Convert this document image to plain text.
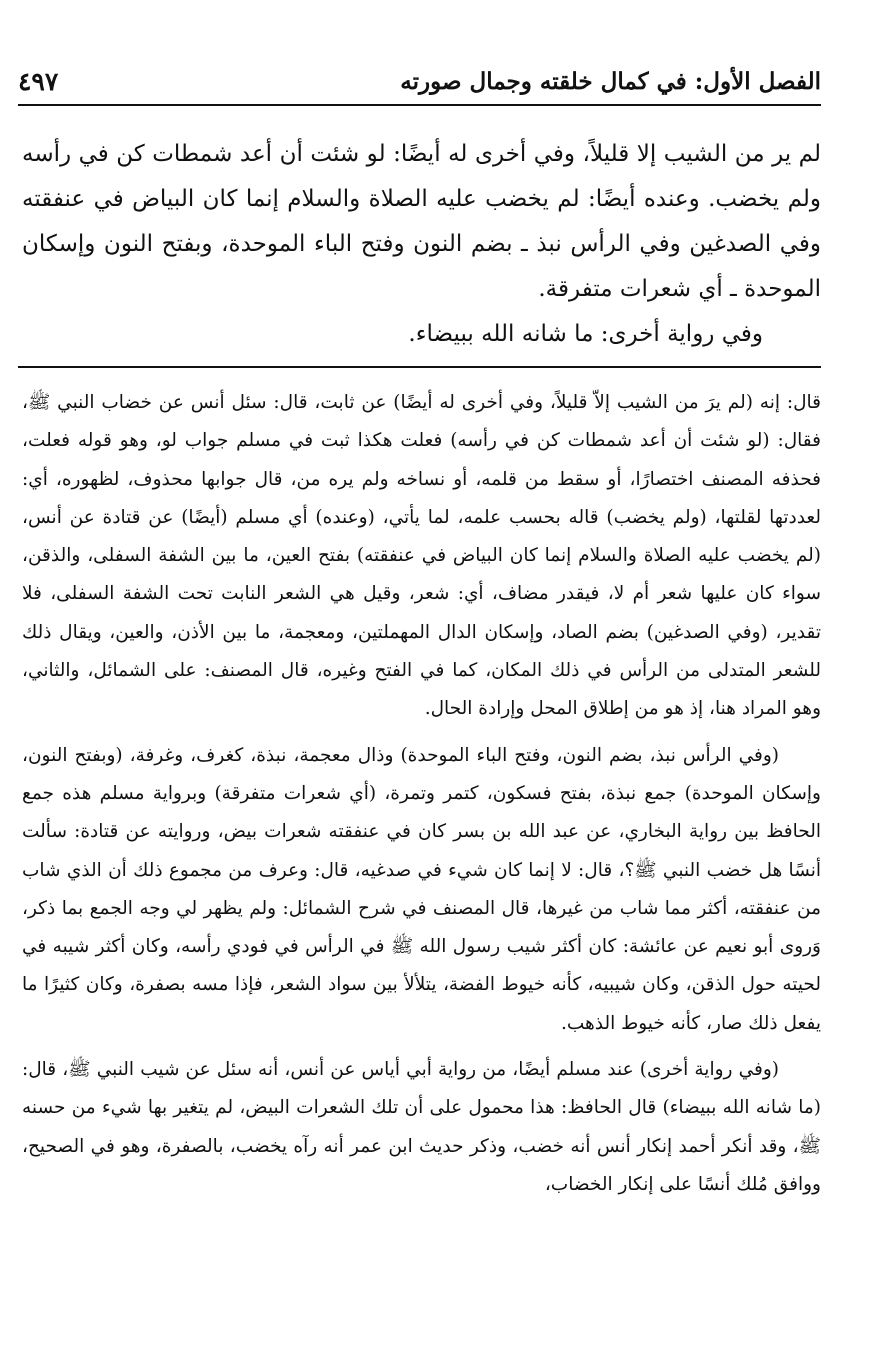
٤٩٧	الفصل الأول: في كمال خلقته وجمال صورته

لم ير من الشيب إلا قليلاً، وفي أخرى له أيضًا: لو شئت أن أعد شمطات كن في رأسه ولم يخضب. وعنده أيضًا: لم يخضب عليه الصلاة والسلام إنما كان البياض في عنفقته وفي الصدغين وفي الرأس نبذ ـ بضم النون وفتح الباء الموحدة، وبفتح النون وإسكان الموحدة ـ أي شعرات متفرقة.

وفي رواية أخرى: ما شانه الله ببيضاء.

قال: إنه (لم يرَ من الشيب إلاّ قليلاً، وفي أخرى له أيضًا) عن ثابت، قال: سئل أنس عن خضاب النبي ﷺ، فقال: (لو شئت أن أعد شمطات كن في رأسه) فعلت هكذا ثبت في مسلم جواب لو، وهو قوله فعلت، فحذفه المصنف اختصارًا، أو سقط من قلمه، أو نساخه ولم يره من، قال جوابها محذوف، لظهوره، أي: لعددتها لقلتها، (ولم يخضب) قاله بحسب علمه، لما يأتي، (وعنده) أي مسلم (أيضًا) عن قتادة عن أنس، (لم يخضب عليه الصلاة والسلام إنما كان البياض في عنفقته) بفتح العين، ما بين الشفة السفلى، والذقن، سواء كان عليها شعر أم لا، فيقدر مضاف، أي: شعر، وقيل هي الشعر النابت تحت الشفة السفلى، فلا تقدير، (وفي الصدغين) بضم الصاد، وإسكان الدال المهملتين، ومعجمة، ما بين الأذن، والعين، ويقال ذلك للشعر المتدلى من الرأس في ذلك المكان، كما في الفتح وغيره، قال المصنف: على الشمائل، والثاني، وهو المراد هنا، إذ هو من إطلاق المحل وإرادة الحال.

(وفي الرأس نبذ، بضم النون، وفتح الباء الموحدة) وذال معجمة، نبذة، كغرف، وغرفة، (وبفتح النون، وإسكان الموحدة) جمع نبذة، بفتح فسكون، كتمر وتمرة، (أي شعرات متفرقة) وبرواية مسلم هذه جمع الحافظ بين رواية البخاري، عن عبد الله بن بسر كان في عنفقته شعرات بيض، وروايته عن قتادة: سألت أنسًا هل خضب النبي ﷺ؟، قال: لا إنما كان شيء في صدغيه، قال: وعرف من مجموع ذلك أن الذي شاب من عنفقته، أكثر مما شاب من غيرها، قال المصنف في شرح الشمائل: ولم يظهر لي وجه الجمع بما ذكر، وَروى أبو نعيم عن عائشة: كان أكثر شيب رسول الله ﷺ في الرأس في فودي رأسه، وكان أكثر شيبه في لحيته حول الذقن، وكان شيبيه، كأنه خيوط الفضة، يتلألأ بين سواد الشعر، فإذا مسه بصفرة، وكان كثيرًا ما يفعل ذلك صار، كأنه خيوط الذهب.

(وفي رواية أخرى) عند مسلم أيضًا، من رواية أبي أياس عن أنس، أنه سئل عن شيب النبي ﷺ، قال: (ما شانه الله ببيضاء) قال الحافظ: هذا محمول على أن تلك الشعرات البيض، لم يتغير بها شيء من حسنه ﷺ، وقد أنكر أحمد إنكار أنس أنه خضب، وذكر حديث ابن عمر أنه رآه يخضب، بالصفرة، وهو في الصحيح، ووافق مُلك أنسًا على إنكار الخضاب،
